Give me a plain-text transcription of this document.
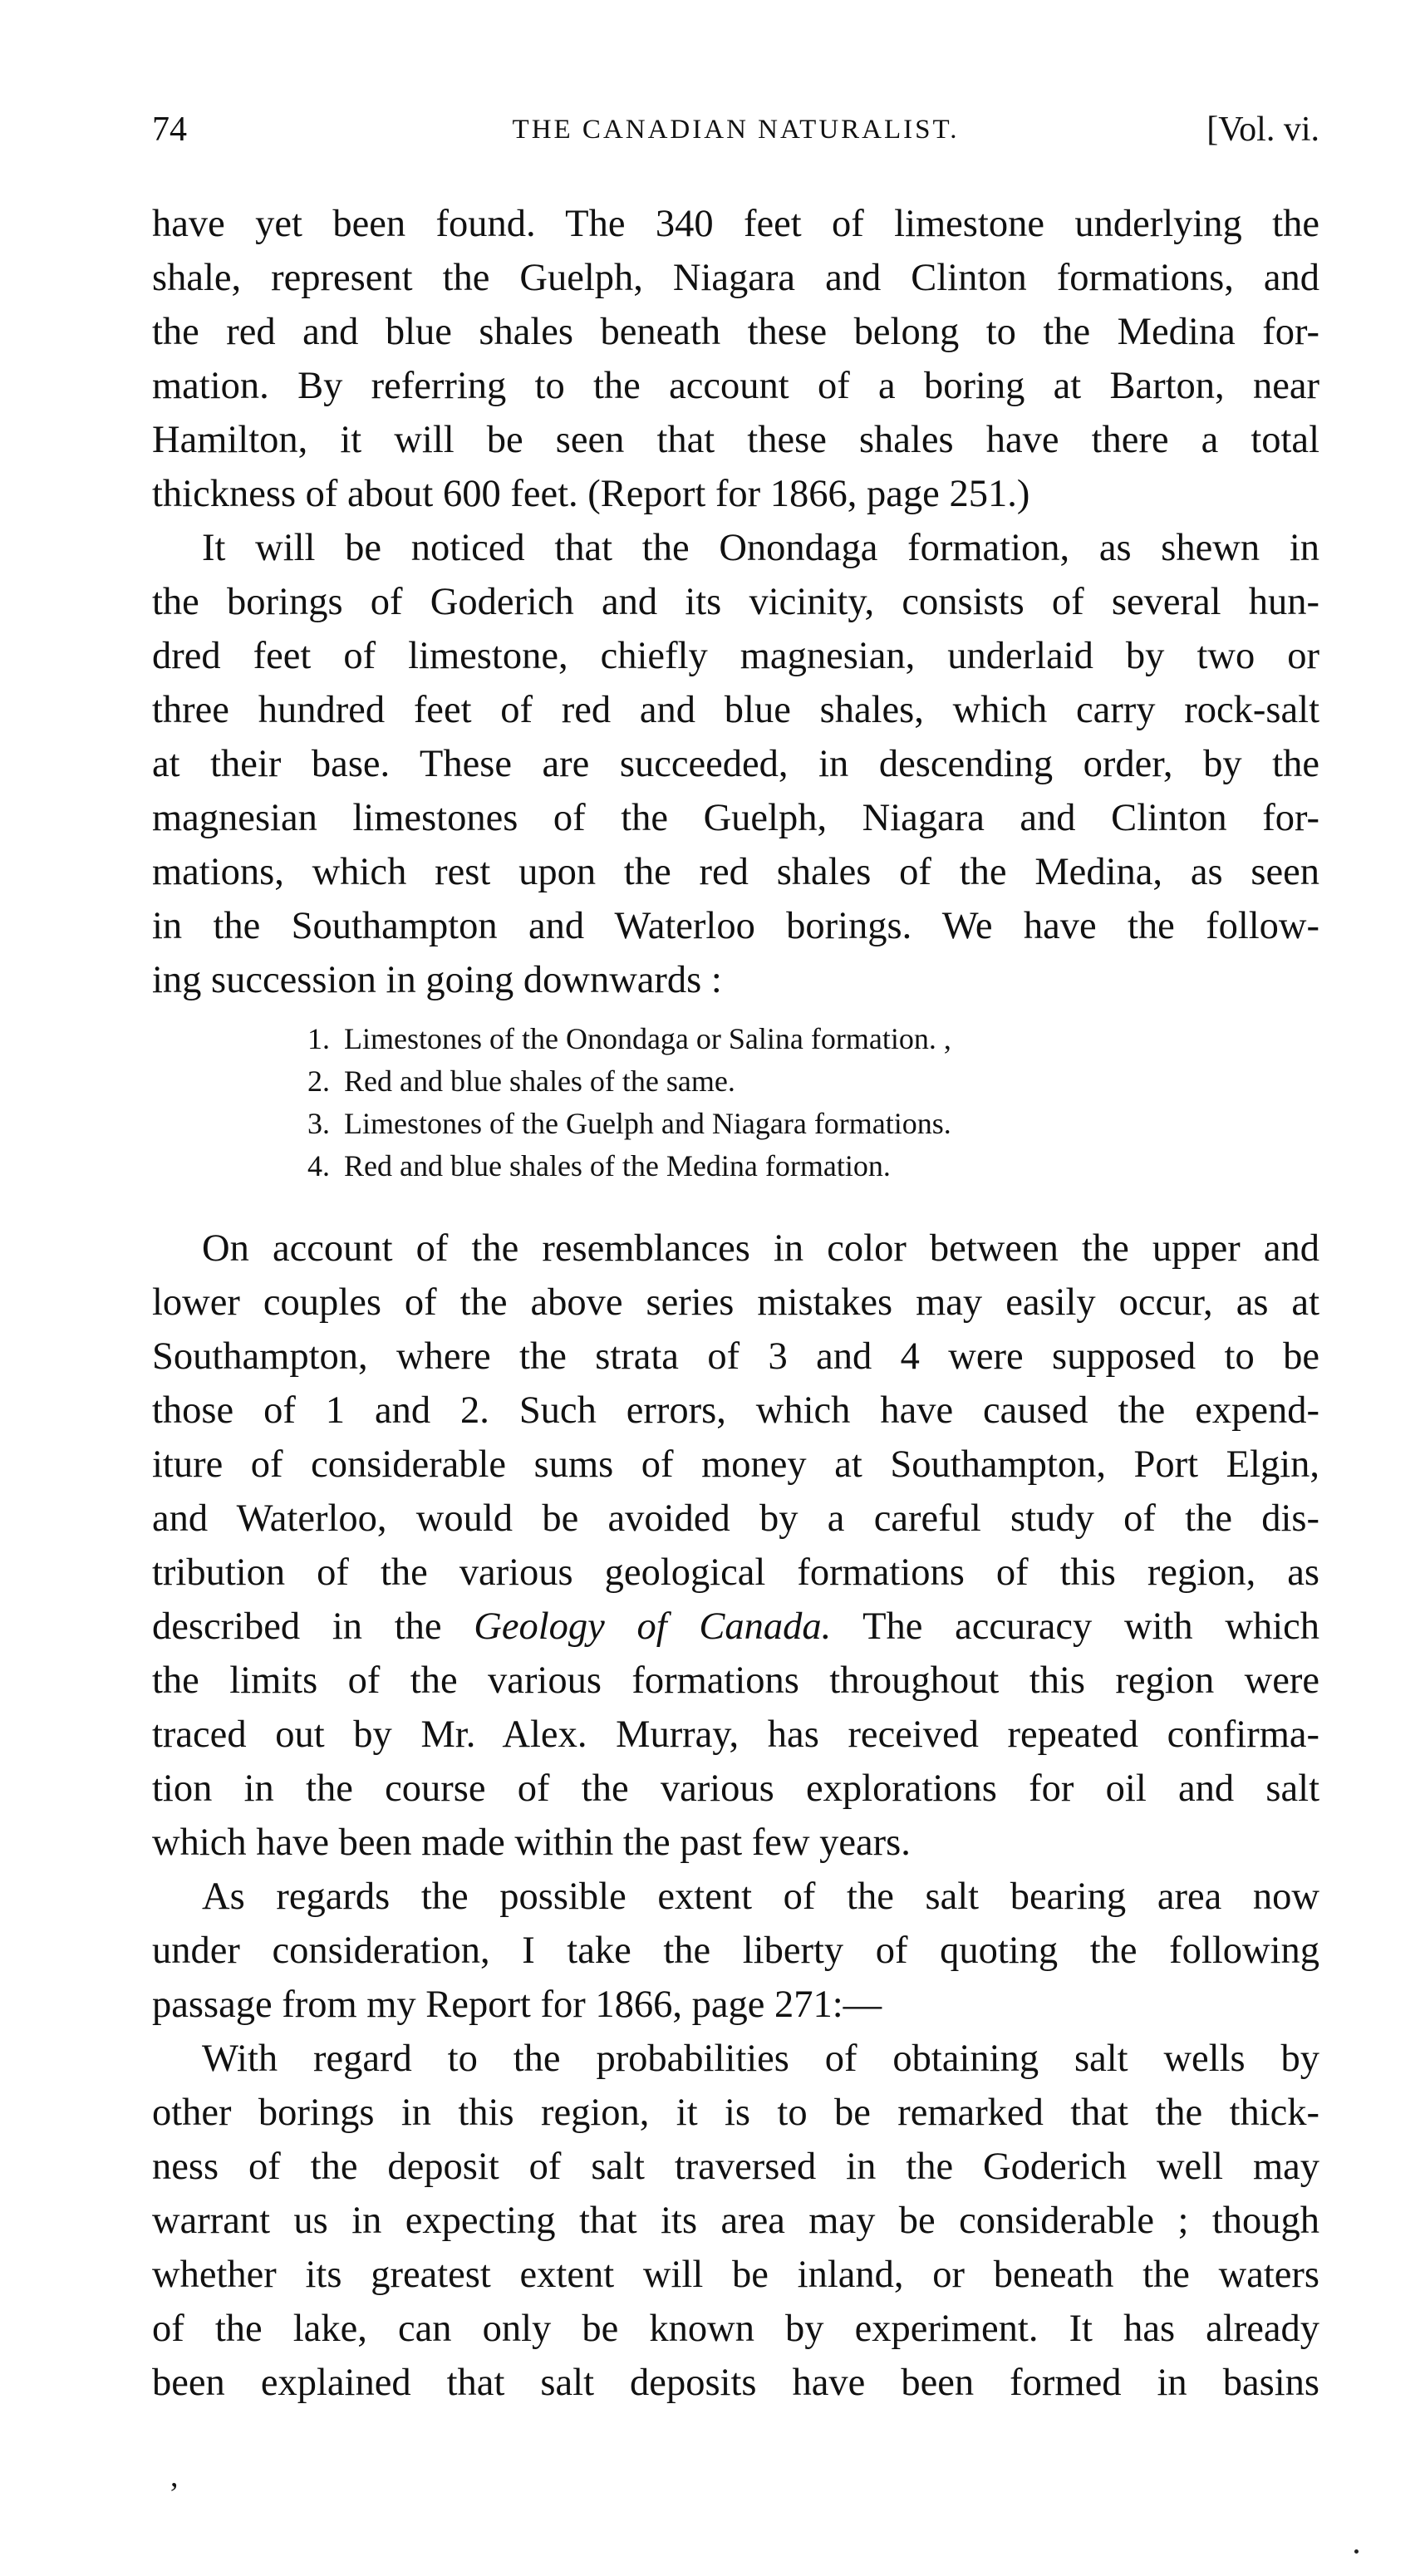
74	THE CANADIAN NATURALIST.	[Vol. vi.
have yet been found. The 340 feet of limestone underlying the
shale, represent the Guelph, Niagara and Clinton formations, and
the red and blue shales beneath these belong to the Medina for-
mation. By referring to the account of a boring at Barton, near
Hamilton, it will be seen that these shales have there a total
thickness of about 600 feet. (Report for 1866, page 251.)
It will be noticed that the Onondaga formation, as shewn in
the borings of Goderich and its vicinity, consists of several hun-
dred feet of limestone, chiefly magnesian, underlaid by two or
three hundred feet of red and blue shales, which carry rock-salt
at their base. These are succeeded, in descending order, by the
magnesian limestones of the Guelph, Niagara and Clinton for-
mations, which rest upon the red shales of the Medina, as seen
in the Southampton and Waterloo borings. We have the follow-
ing succession in going downwards :
1. Limestones of the Onondaga or Salina formation. ,
2. Red and blue shales of the same.
3. Limestones of the Guelph and Niagara formations.
4. Red and blue shales of the Medina formation.
On account of the resemblances in color between the upper and
lower couples of the above series mistakes may easily occur, as at
Southampton, where the strata of 3 and 4 were supposed to be
those of 1 and 2. Such errors, which have caused the expend-
iture of considerable sums of money at Southampton, Port Elgin,
and Waterloo, would be avoided by a careful study of the dis-
tribution of the various geological formations of this region, as
described in the Geology of Canada. The accuracy with which
the limits of the various formations throughout this region were
traced out by Mr. Alex. Murray, has received repeated confirma-
tion in the course of the various explorations for oil and salt
which have been made within the past few years.
As regards the possible extent of the salt bearing area now
under consideration, I take the liberty of quoting the following
passage from my Report for 1866, page 271:—
With regard to the probabilities of obtaining salt wells by
other borings in this region, it is to be remarked that the thick-
ness of the deposit of salt traversed in the Goderich well may
warrant us in expecting that its area may be considerable ; though
whether its greatest extent will be inland, or beneath the waters
of the lake, can only be known by experiment. It has already
been explained that salt deposits have been formed in basins
,
